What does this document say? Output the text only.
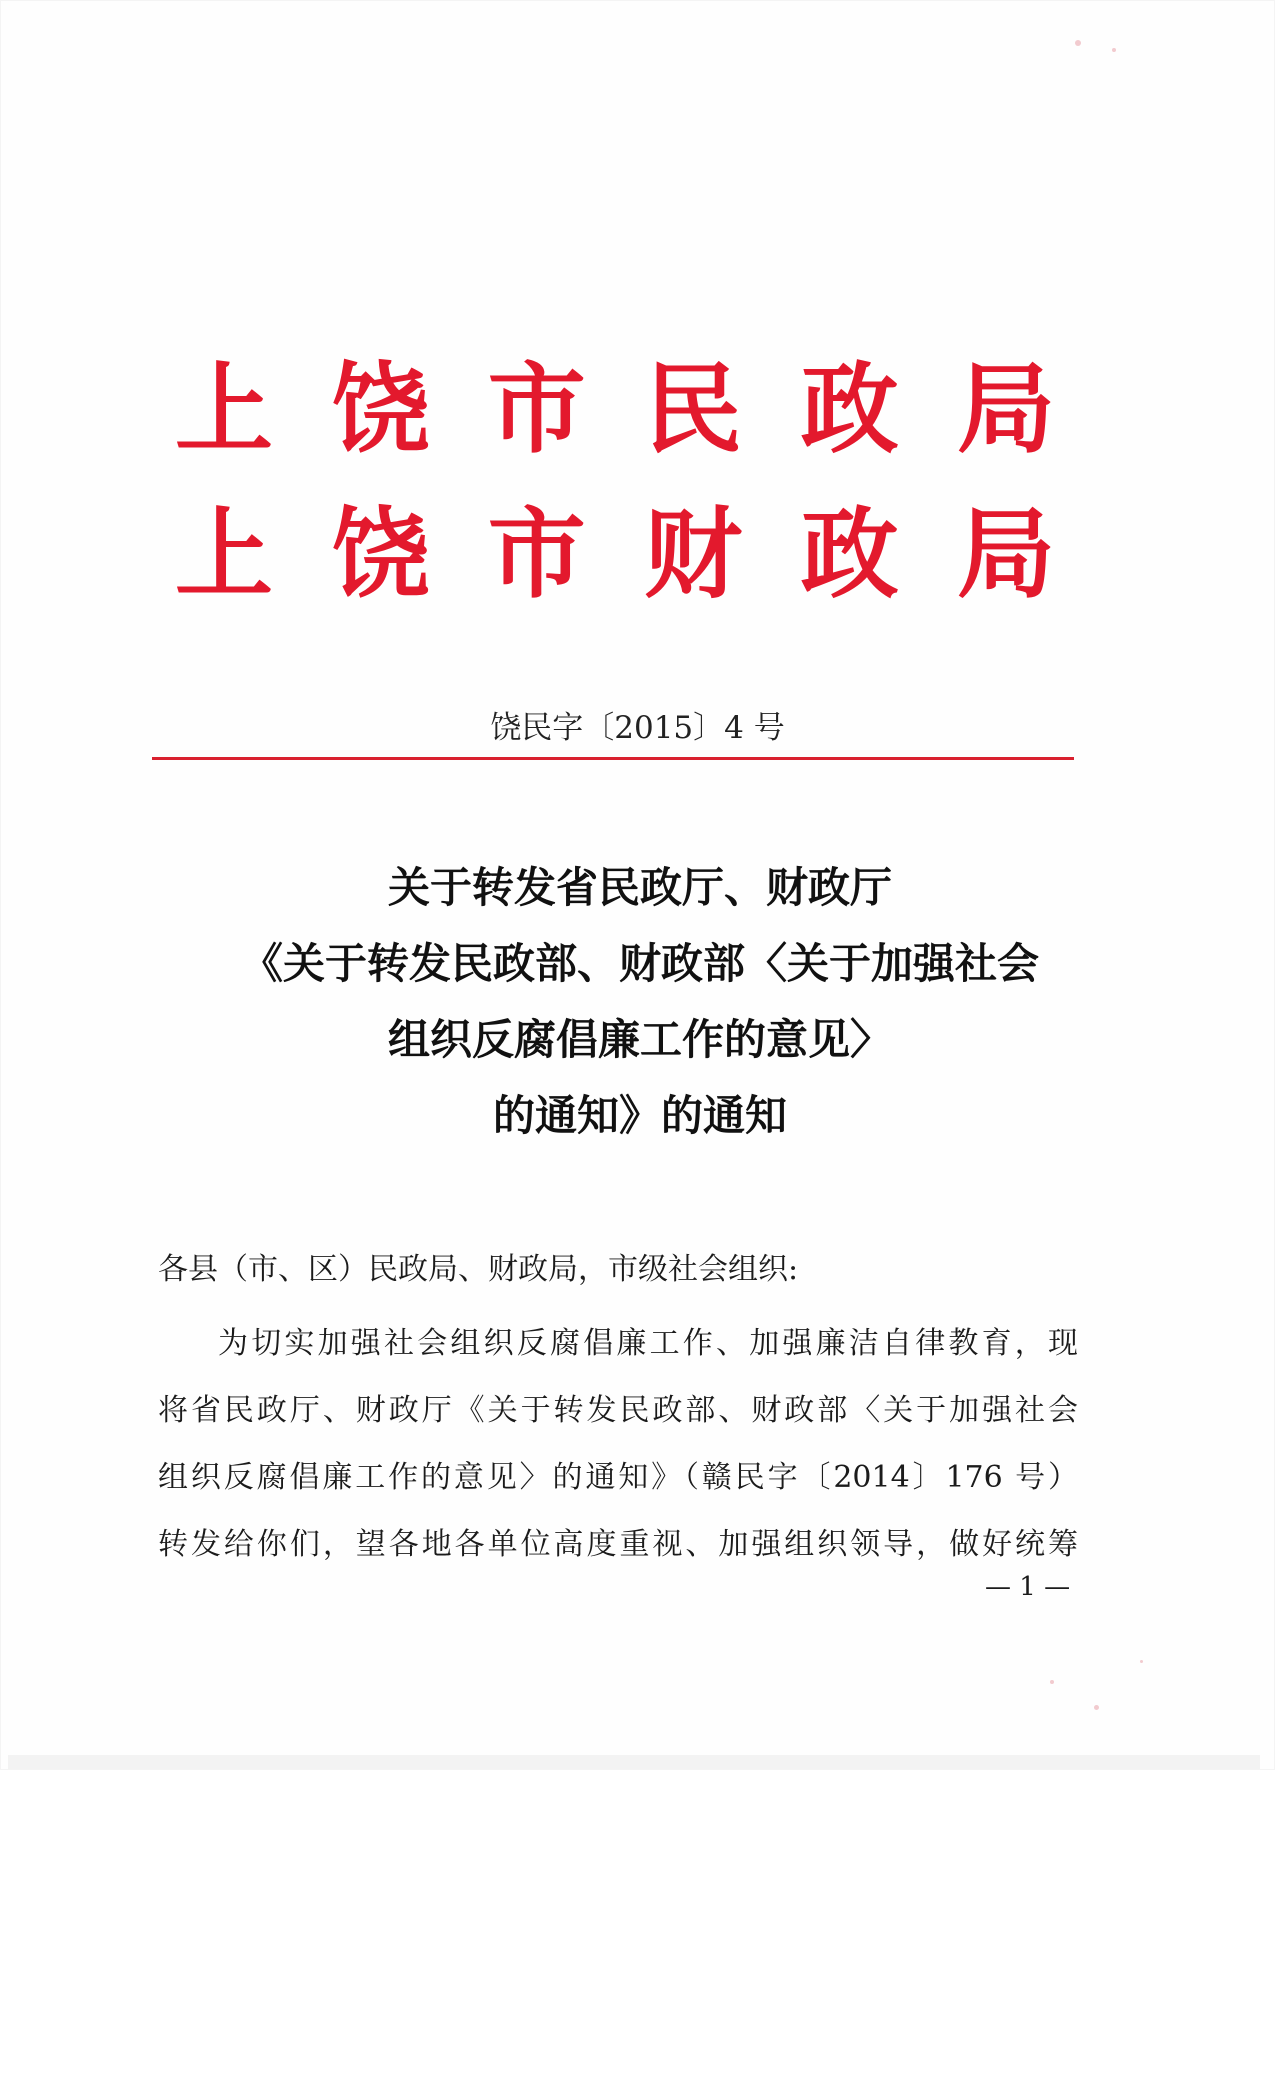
上 饶 市 民 政 局
上 饶 市 财 政 局
饶民字〔2015〕4 号
关于转发省民政厅、财政厅
《关于转发民政部、财政部〈关于加强社会
组织反腐倡廉工作的意见〉
的通知》的通知
各县（市、区）民政局、财政局，市级社会组织:
为切实加强社会组织反腐倡廉工作、加强廉洁自律教育，现
将省民政厅、财政厅《关于转发民政部、财政部〈关于加强社会
组织反腐倡廉工作的意见〉的通知》（赣民字〔2014〕176 号）
转发给你们，望各地各单位高度重视、加强组织领导，做好统筹
— 1 —
